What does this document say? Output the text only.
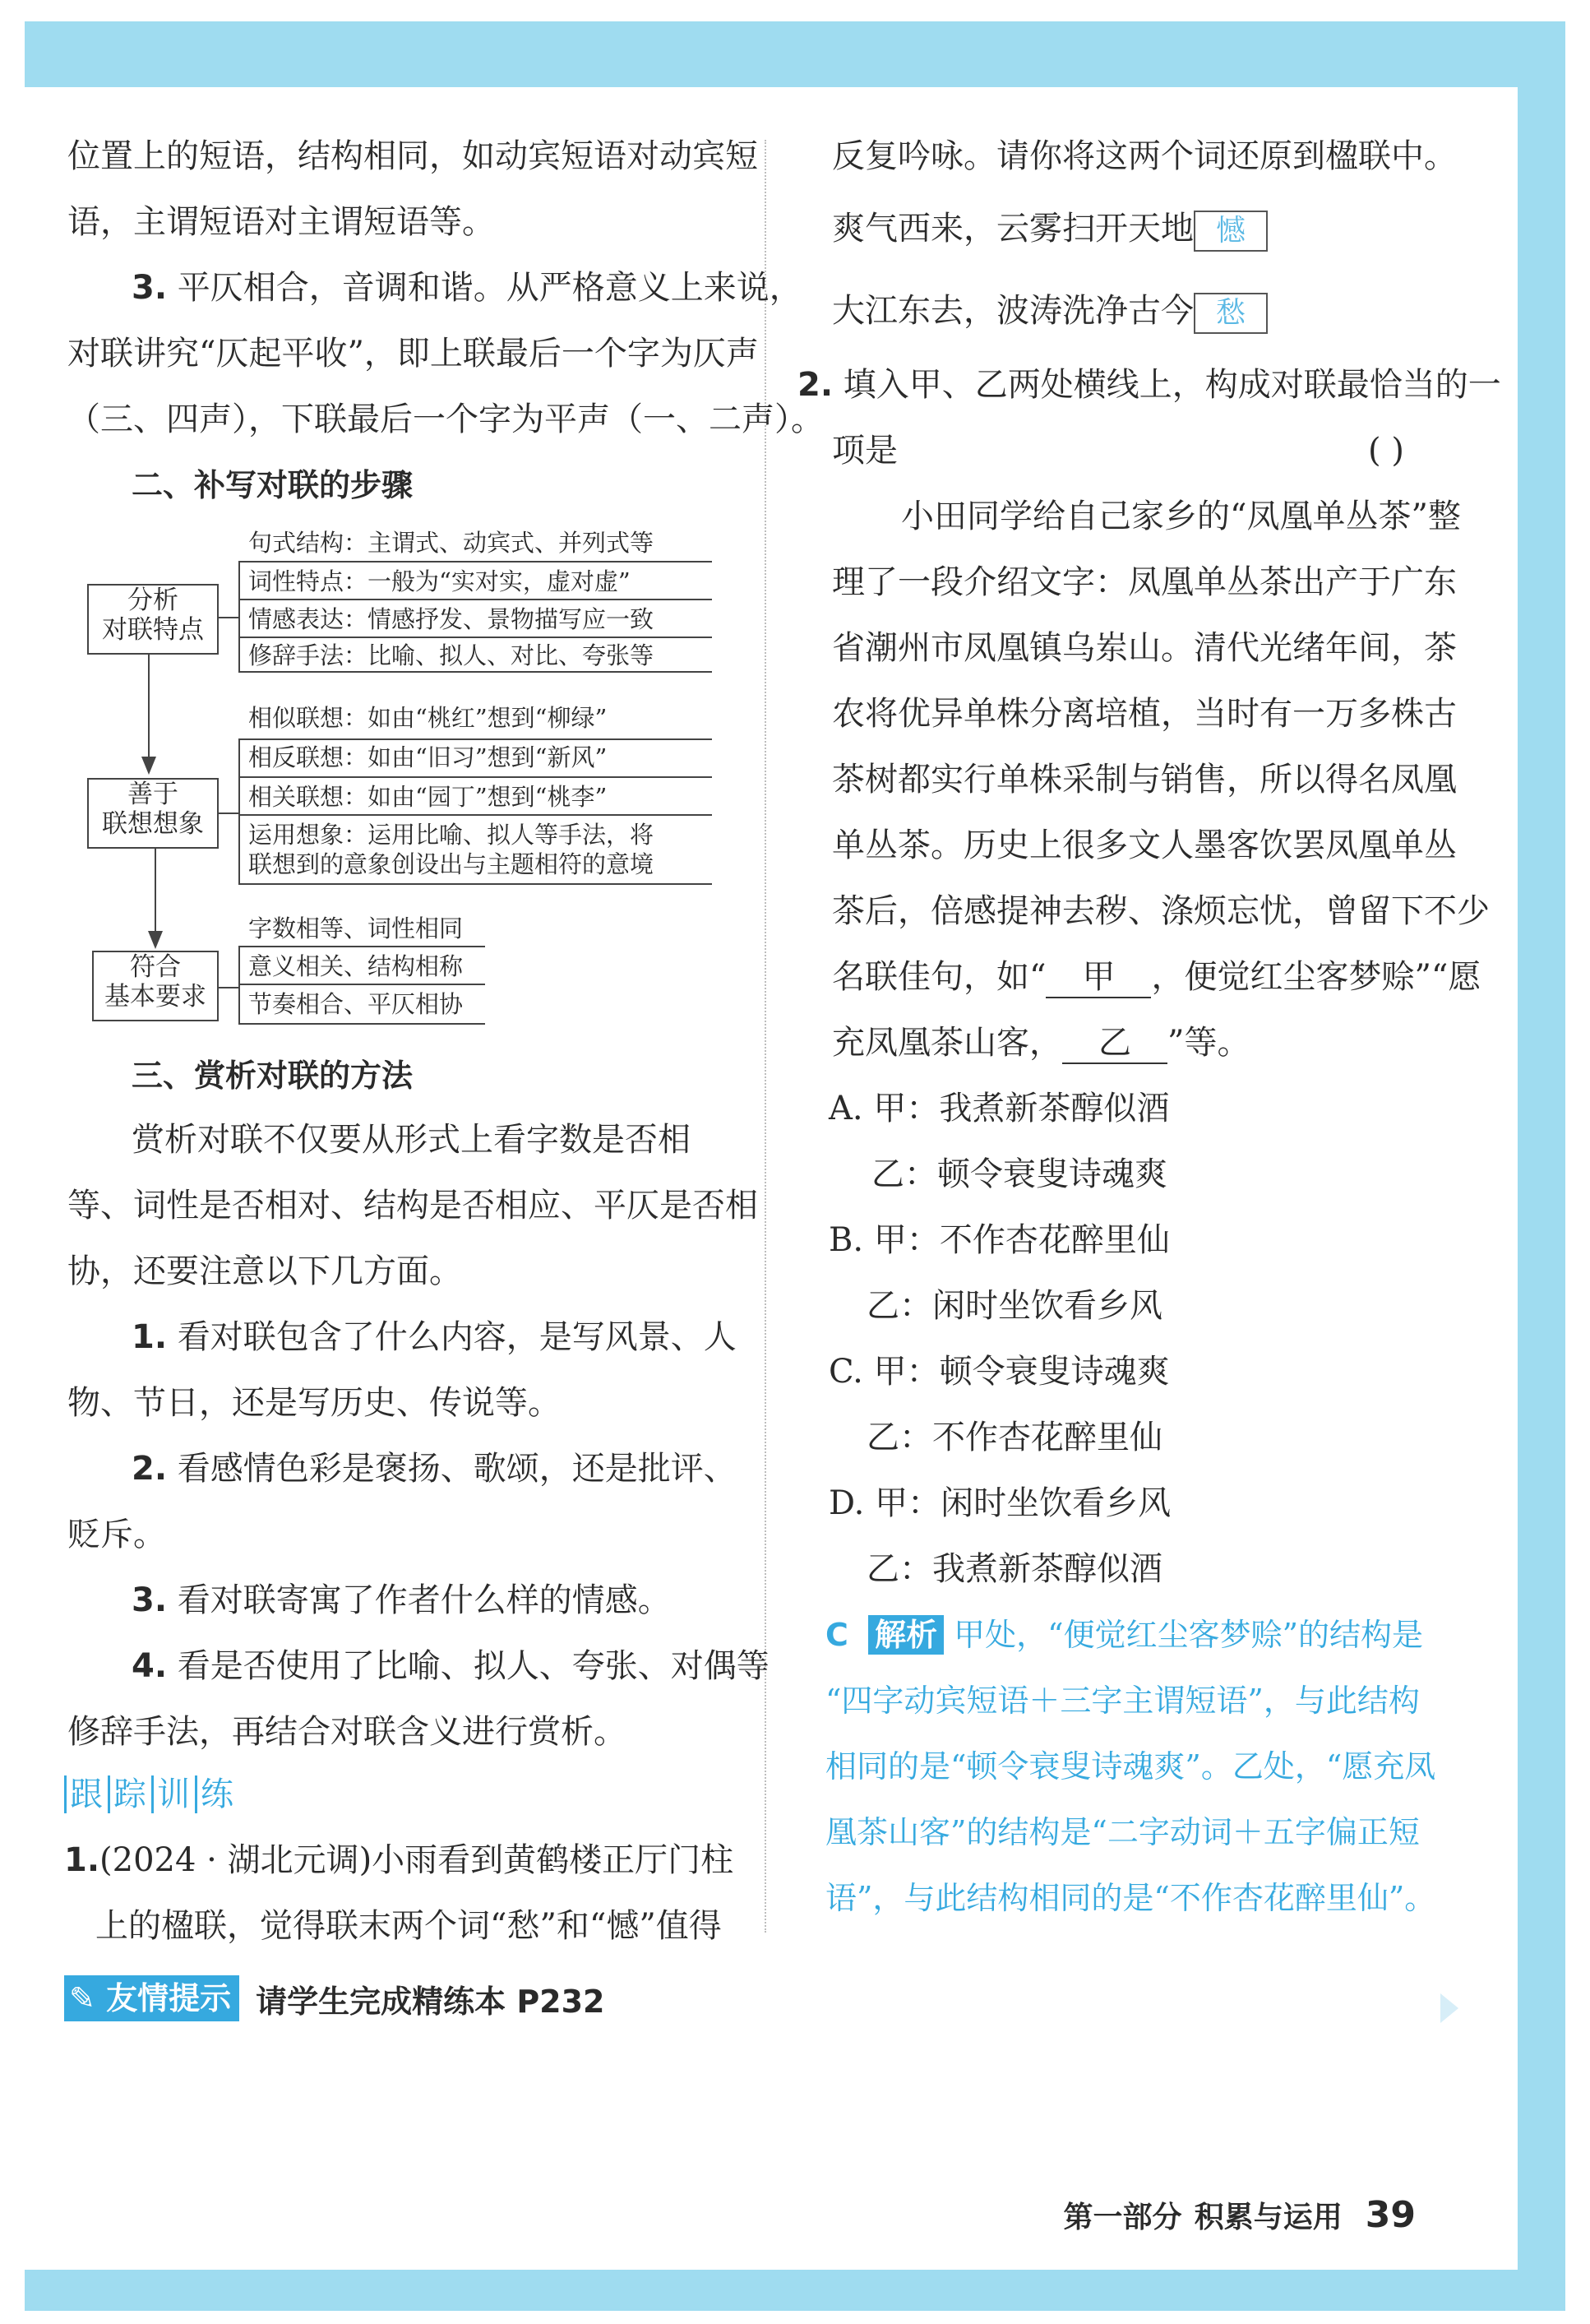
位置上的短语，结构相同，如动宾短语对动宾短
语，主谓短语对主谓短语等。
3. 平仄相合，音调和谐。从严格意义上来说，
对联讲究“仄起平收”，即上联最后一个字为仄声
（三、四声），下联最后一个字为平声（一、二声）。
二、补写对联的步骤
分析
对联特点
善于
联想想象
符合
基本要求
句式结构：主谓式、动宾式、并列式等
词性特点：一般为“实对实，虚对虚”
情感表达：情感抒发、景物描写应一致
修辞手法：比喻、拟人、对比、夸张等
相似联想：如由“桃红”想到“柳绿”
相反联想：如由“旧习”想到“新风”
相关联想：如由“园丁”想到“桃李”
运用想象：运用比喻、拟人等手法，将
联想到的意象创设出与主题相符的意境
字数相等、词性相同
意义相关、结构相称
节奏相合、平仄相协
三、赏析对联的方法
赏析对联不仅要从形式上看字数是否相
等、词性是否相对、结构是否相应、平仄是否相
协，还要注意以下几方面。
1. 看对联包含了什么内容，是写风景、人
物、节日，还是写历史、传说等。
2. 看感情色彩是褒扬、歌颂，还是批评、
贬斥。
3. 看对联寄寓了作者什么样的情感。
4. 看是否使用了比喻、拟人、夸张、对偶等
修辞手法，再结合对联含义进行赏析。
跟 踪 训 练
1.(2024 · 湖北元调)小雨看到黄鹤楼正厅门柱
上的楹联，觉得联末两个词“愁”和“憾”值得
✎ 友情提示 请学生完成精练本 P232
反复吟咏。请你将这两个词还原到楹联中。
爽气西来，云雾扫开天地 憾
大江东去，波涛洗净古今 愁
2. 填入甲、乙两处横线上，构成对联最恰当的一
项是	( )
小田同学给自己家乡的“凤凰单丛茶”整
理了一段介绍文字：凤凰单丛茶出产于广东
省潮州市凤凰镇乌岽山。清代光绪年间，茶
农将优异单株分离培植，当时有一万多株古
茶树都实行单株采制与销售，所以得名凤凰
单丛茶。历史上很多文人墨客饮罢凤凰单丛
茶后，倍感提神去秽、涤烦忘忧，曾留下不少
名联佳句，如“ 甲 ，便觉红尘客梦赊”“愿
充凤凰茶山客， 乙 ”等。
A. 甲：我煮新茶醇似酒
乙：顿令衰叟诗魂爽
B. 甲：不作杏花醉里仙
乙：闲时坐饮看乡风
C. 甲：顿令衰叟诗魂爽
乙：不作杏花醉里仙
D. 甲：闲时坐饮看乡风
乙：我煮新茶醇似酒
C 解析 甲处，“便觉红尘客梦赊”的结构是
“四字动宾短语＋三字主谓短语”，与此结构
相同的是“顿令衰叟诗魂爽”。乙处，“愿充凤
凰茶山客”的结构是“二字动词＋五字偏正短
语”，与此结构相同的是“不作杏花醉里仙”。
第一部分
积累与运用 39
